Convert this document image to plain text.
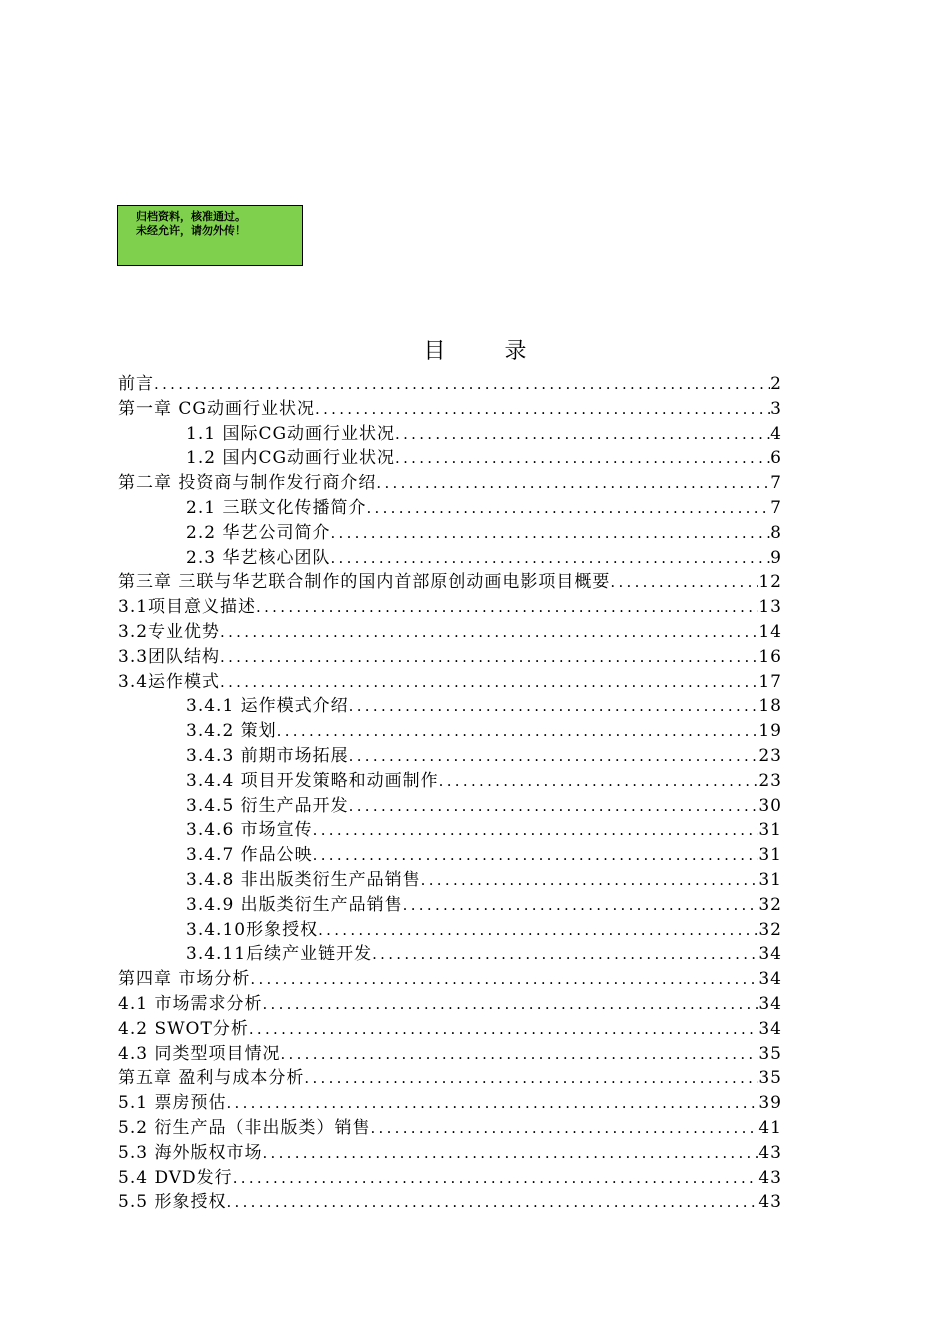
归档资料，核准通过。
未经允许，请勿外传！
目 录
前言 .....	2
第一章 CG动画行业状况 .....	3
1.1 国际CG动画行业状况 .....	4
1.2 国内CG动画行业状况 .....	6
第二章 投资商与制作发行商介绍 .....	7
2.1 三联文化传播简介 .....	7
2.2 华艺公司简介 .....	8
2.3 华艺核心团队 .....	9
第三章 三联与华艺联合制作的国内首部原创动画电影项目概要 .....	12
3.1项目意义描述 .....	13
3.2专业优势 .....	14
3.3团队结构 .....	16
3.4运作模式 .....	17
3.4.1 运作模式介绍 .....	18
3.4.2 策划 .....	19
3.4.3 前期市场拓展 .....	23
3.4.4 项目开发策略和动画制作 .....	23
3.4.5 衍生产品开发 .....	30
3.4.6 市场宣传 .....	31
3.4.7 作品公映 .....	31
3.4.8 非出版类衍生产品销售 .....	31
3.4.9 出版类衍生产品销售 .....	32
3.4.10形象授权 .....	32
3.4.11后续产业链开发 .....	34
第四章 市场分析 .....	34
4.1 市场需求分析 .....	34
4.2 SWOT分析 .....	34
4.3 同类型项目情况 .....	35
第五章 盈利与成本分析 .....	35
5.1 票房预估 .....	39
5.2 衍生产品（非出版类）销售 .....	41
5.3 海外版权市场 .....	43
5.4 DVD发行 .....	43
5.5 形象授权 .....	43
